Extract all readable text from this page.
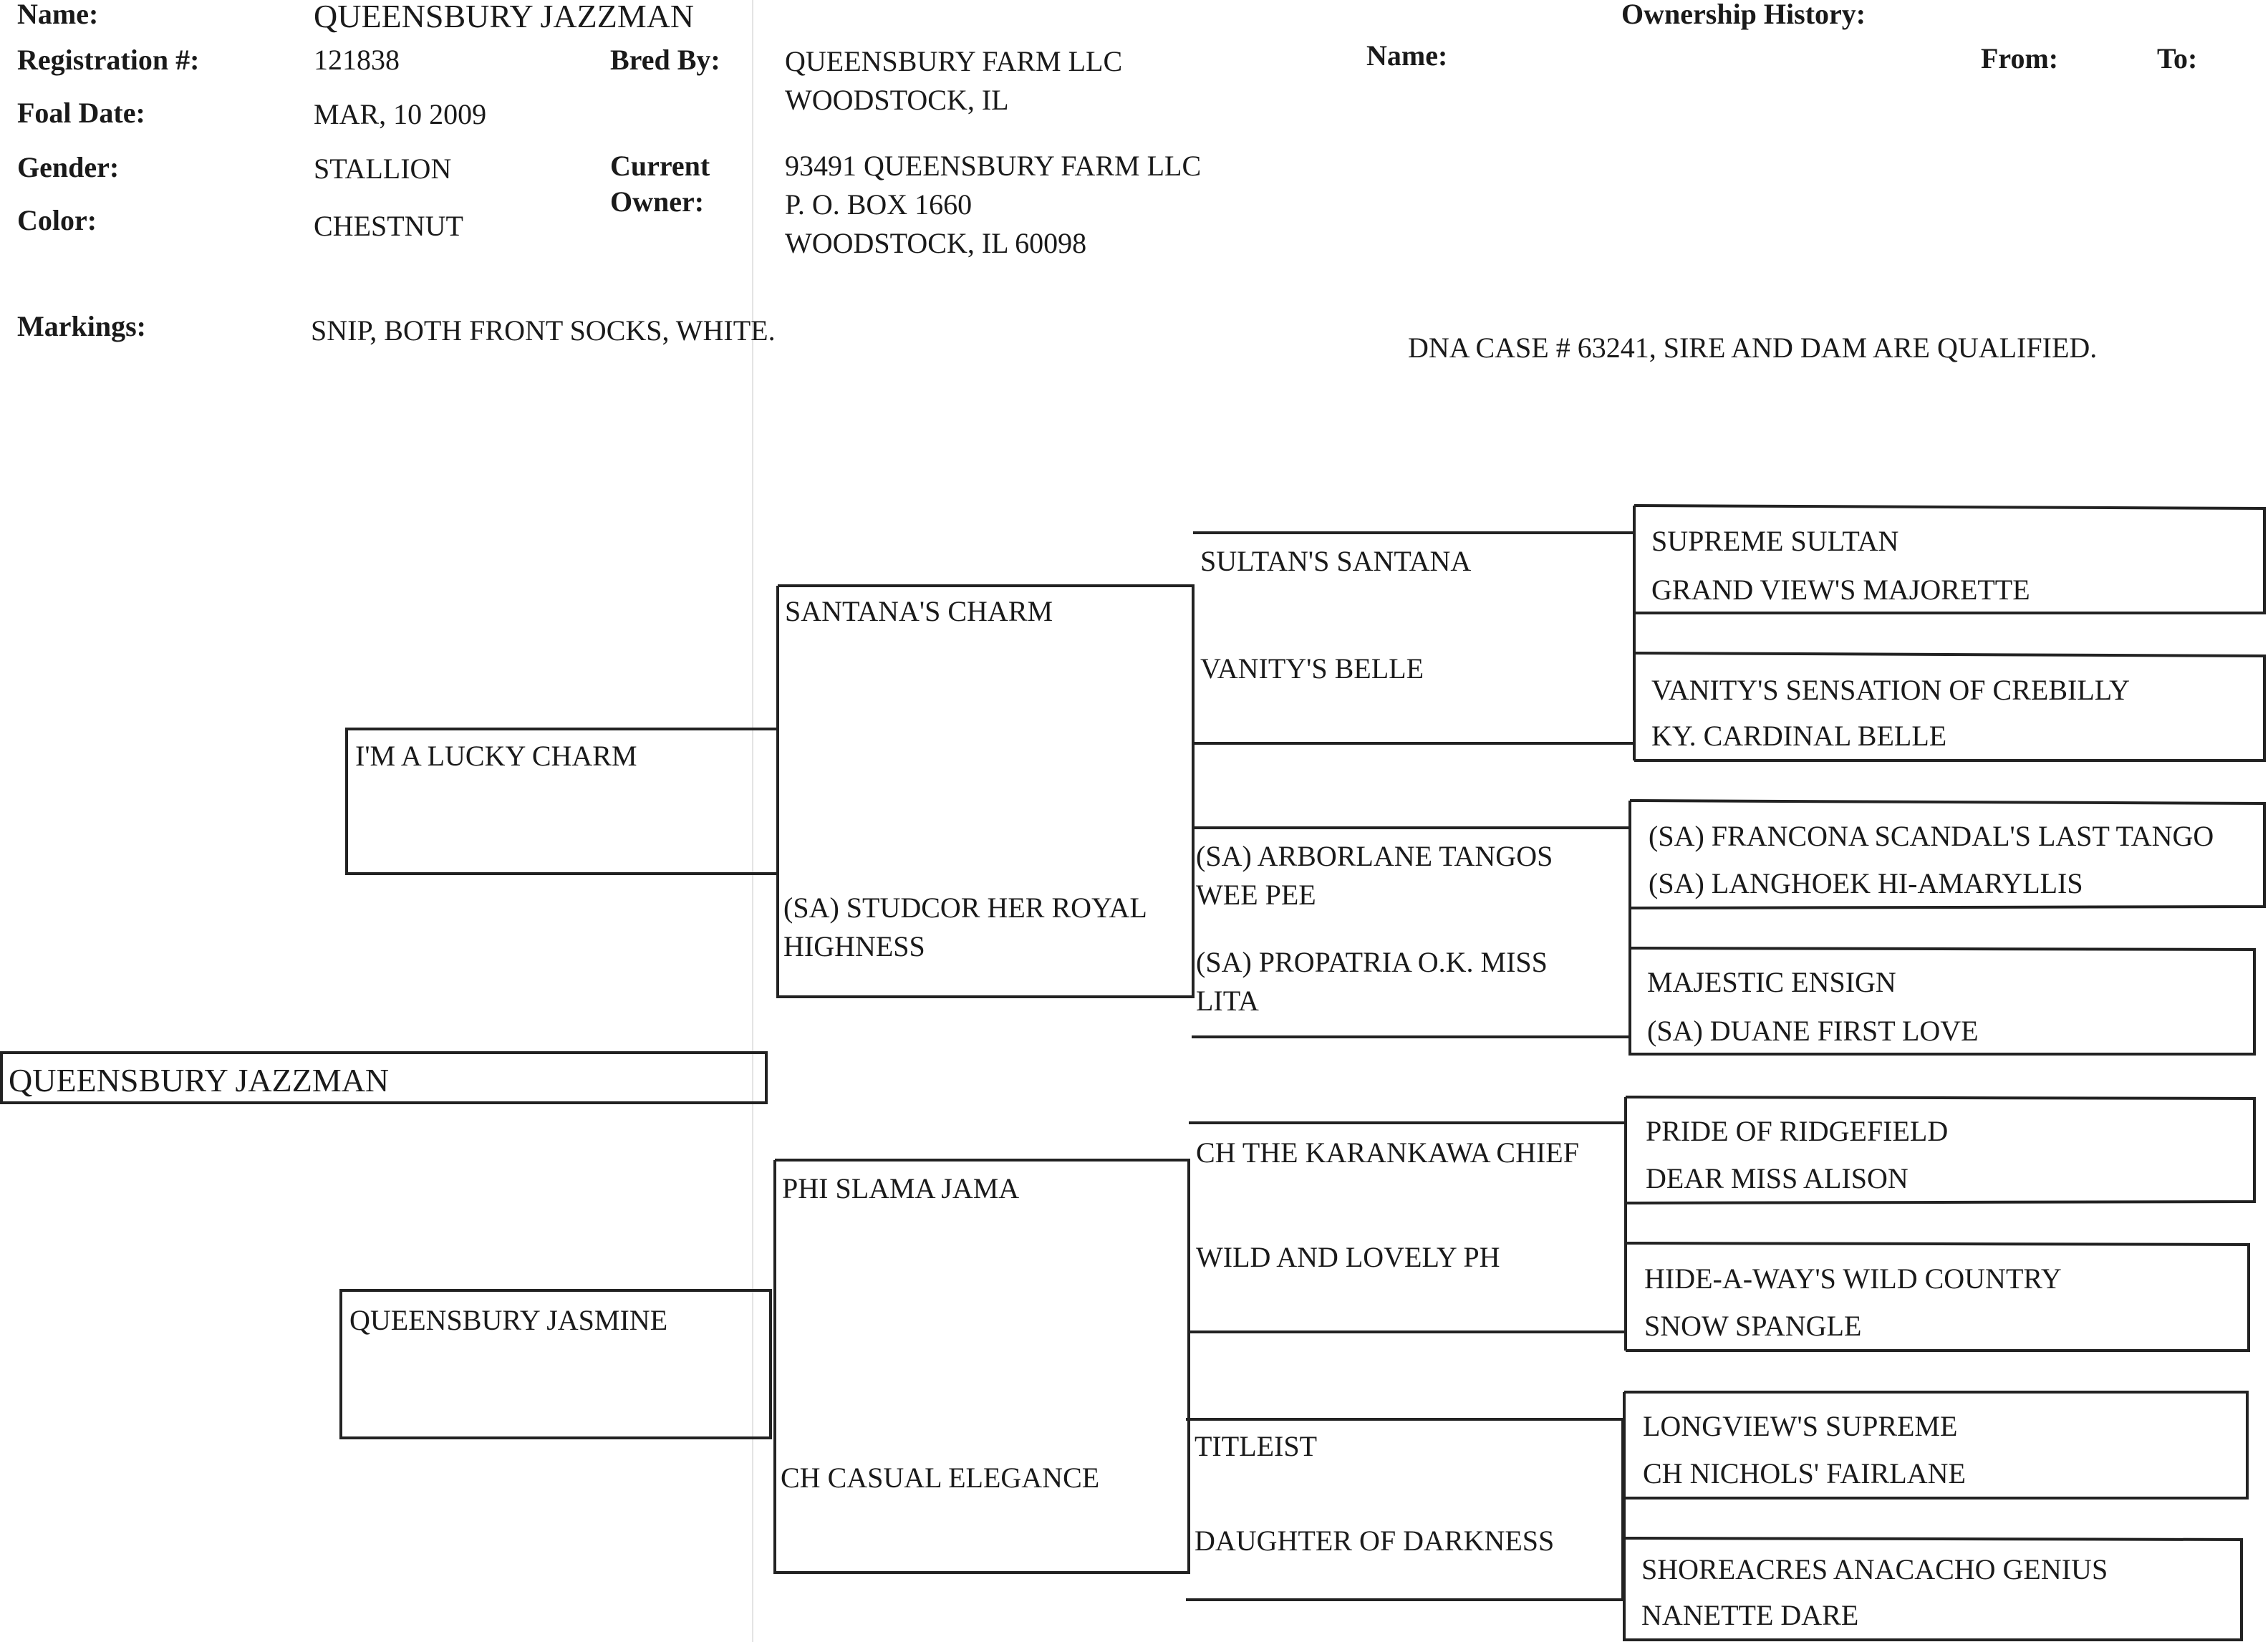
Name:	QUEENSBURY JAZZMAN
Registration #:	121838
Foal Date:	MAR, 10 2009
Gender:	STALLION
Color:	CHESTNUT
Bred By: QUEENSBURY FARM LLC
WOODSTOCK, IL
Current
Owner:
93491 QUEENSBURY FARM LLC
P. O. BOX 1660
WOODSTOCK, IL 60098
Markings:	SNIP, BOTH FRONT SOCKS, WHITE.
Ownership History:
Name:	From:	To:
DNA CASE # 63241, SIRE AND DAM ARE QUALIFIED.
I'M A LUCKY CHARM
QUEENSBURY JASMINE
QUEENSBURY JAZZMAN
SANTANA'S CHARM
(SA) STUDCOR HER ROYAL
HIGHNESS
PHI SLAMA JAMA
CH CASUAL ELEGANCE
SULTAN'S SANTANA
VANITY'S BELLE
(SA) ARBORLANE TANGOS
WEE PEE
(SA) PROPATRIA O.K. MISS
LITA
CH THE KARANKAWA CHIEF
WILD AND LOVELY PH
TITLEIST
DAUGHTER OF DARKNESS
SUPREME SULTAN
GRAND VIEW'S MAJORETTE
VANITY'S SENSATION OF CREBILLY
KY. CARDINAL BELLE
(SA) FRANCONA SCANDAL'S LAST TANGO
(SA) LANGHOEK HI-AMARYLLIS
MAJESTIC ENSIGN
(SA) DUANE FIRST LOVE
PRIDE OF RIDGEFIELD
DEAR MISS ALISON
HIDE-A-WAY'S WILD COUNTRY
SNOW SPANGLE
LONGVIEW'S SUPREME
CH NICHOLS' FAIRLANE
SHOREACRES ANACACHO GENIUS
NANETTE DARE
